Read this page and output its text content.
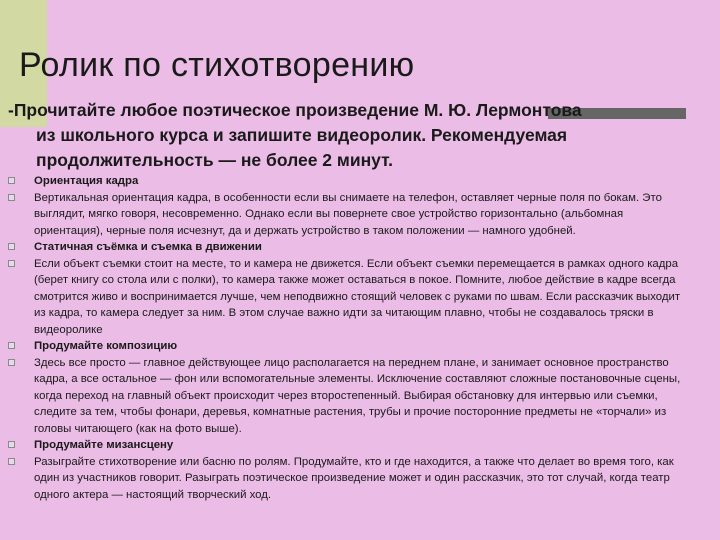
Ролик по стихотворению
-Прочитайте любое поэтическое произведение М. Ю. Лермонтова
из школьного курса и запишите видеоролик. Рекомендуемая продолжительность — не более 2 минут.
Ориентация кадра
Вертикальная ориентация кадра, в особенности если вы снимаете на телефон, оставляет черные поля по бокам. Это выглядит, мягко говоря, несовременно. Однако если вы повернете свое устройство горизонтально (альбомная ориентация), черные поля исчезнут, да и держать устройство в таком положении — намного удобней.
Статичная съёмка и съемка в движении
Если объект съемки стоит на месте, то и камера не движется. Если объект съемки перемещается в рамках одного кадра (берет книгу со стола или с полки), то камера также может оставаться в покое. Помните, любое действие в кадре всегда смотрится живо и воспринимается лучше, чем неподвижно стоящий человек с руками по швам. Если рассказчик выходит из кадра, то камера следует за ним. В этом случае важно идти за читающим плавно, чтобы не создавалось тряски в видеоролике
Продумайте композицию
Здесь все просто — главное действующее лицо располагается на переднем плане, и занимает основное пространство кадра, а все остальное — фон или вспомогательные элементы. Исключение составляют сложные постановочные сцены, когда переход на главный объект происходит через второстепенный. Выбирая обстановку для интервью или съемки, следите за тем, чтобы фонари, деревья, комнатные растения, трубы и прочие посторонние предметы не «торчали» из головы читающего (как на фото выше).
Продумайте мизансцену
Разыграйте стихотворение или басню по ролям. Продумайте, кто и где находится, а также что делает во время того, как один из участников говорит. Разыграть поэтическое произведение может и один рассказчик, это тот случай, когда театр одного актера — настоящий творческий ход.
